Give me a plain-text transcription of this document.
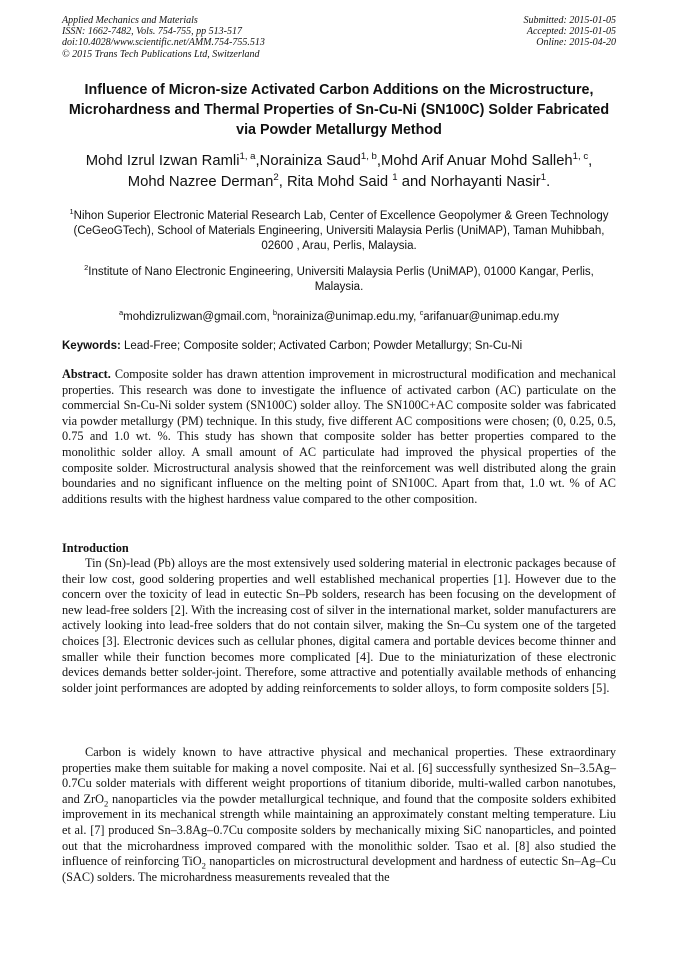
Applied Mechanics and Materials
ISSN: 1662-7482, Vols. 754-755, pp 513-517
doi:10.4028/www.scientific.net/AMM.754-755.513
© 2015 Trans Tech Publications Ltd, Switzerland
Submitted: 2015-01-05
Accepted: 2015-01-05
Online: 2015-04-20
Influence of Micron-size Activated Carbon Additions on the Microstructure, Microhardness and Thermal Properties of Sn-Cu-Ni (SN100C) Solder Fabricated via Powder Metallurgy Method
Mohd Izrul Izwan Ramli$^{1, a}$,Norainiza Saud$^{1, b}$,Mohd Arif Anuar Mohd Salleh$^{1, c}$,
Mohd Nazree Derman$^2$, Rita Mohd Said $^1$ and Norhayanti Nasir$^1$.
$^1$Nihon Superior Electronic Material Research Lab, Center of Excellence Geopolymer & Green Technology (CeGeoGTech), School of Materials Engineering, Universiti Malaysia Perlis (UniMAP), Taman Muhibbah, 02600 , Arau, Perlis, Malaysia.
$^2$Institute of Nano Electronic Engineering, Universiti Malaysia Perlis (UniMAP), 01000 Kangar, Perlis, Malaysia.
$^a$mohdizrulizwan@gmail.com, $^b$norainiza@unimap.edu.my, $^c$arifanuar@unimap.edu.my
Keywords: Lead-Free; Composite solder; Activated Carbon; Powder Metallurgy; Sn-Cu-Ni
Abstract. Composite solder has drawn attention improvement in microstructural modification and mechanical properties. This research was done to investigate the influence of activated carbon (AC) particulate on the commercial Sn-Cu-Ni solder system (SN100C) solder alloy. The SN100C+AC composite solder was fabricated via powder metallurgy (PM) technique. In this study, five different AC compositions were chosen; (0, 0.25, 0.5, 0.75 and 1.0 wt. %. This study has shown that composite solder has better properties compared to the monolithic solder alloy. A small amount of AC particulate had improved the physical properties of the composite solder. Microstructural analysis showed that the reinforcement was well distributed along the grain boundaries and no significant influence on the melting point of SN100C. Apart from that, 1.0 wt. % of AC additions results with the highest hardness value compared to the other composition.
Introduction
Tin (Sn)-lead (Pb) alloys are the most extensively used soldering material in electronic packages because of their low cost, good soldering properties and well established mechanical properties [1]. However due to the concern over the toxicity of lead in eutectic Sn–Pb solders, research has been focusing on the development of new lead-free solders [2]. With the increasing cost of silver in the international market, solder manufacturers are actively looking into lead-free solders that do not contain silver, making the Sn–Cu system one of the targeted choices [3]. Electronic devices such as cellular phones, digital camera and portable devices become thinner and smaller while their function becomes more complicated [4]. Due to the miniaturization of these electronic devices demands better solder-joint. Therefore, some attractive and potentially available methods of enhancing solder joint performances are adopted by adding reinforcements to solder alloys, to form composite solders [5].
Carbon is widely known to have attractive physical and mechanical properties. These extraordinary properties make them suitable for making a novel composite. Nai et al. [6] successfully synthesized Sn–3.5Ag–0.7Cu solder materials with different weight proportions of titanium diboride, multi-walled carbon nanotubes, and ZrO$_2$ nanoparticles via the powder metallurgical technique, and found that the composite solders exhibited improvement in its mechanical strength while maintaining an approximately constant melting temperature. Liu et al. [7] produced Sn–3.8Ag–0.7Cu composite solders by mechanically mixing SiC nanoparticles, and pointed out that the microhardness improved compared with the monolithic solder. Tsao et al. [8] also studied the influence of reinforcing TiO$_2$ nanoparticles on microstructural development and hardness of eutectic Sn–Ag–Cu (SAC) solders. The microhardness measurements revealed that the
